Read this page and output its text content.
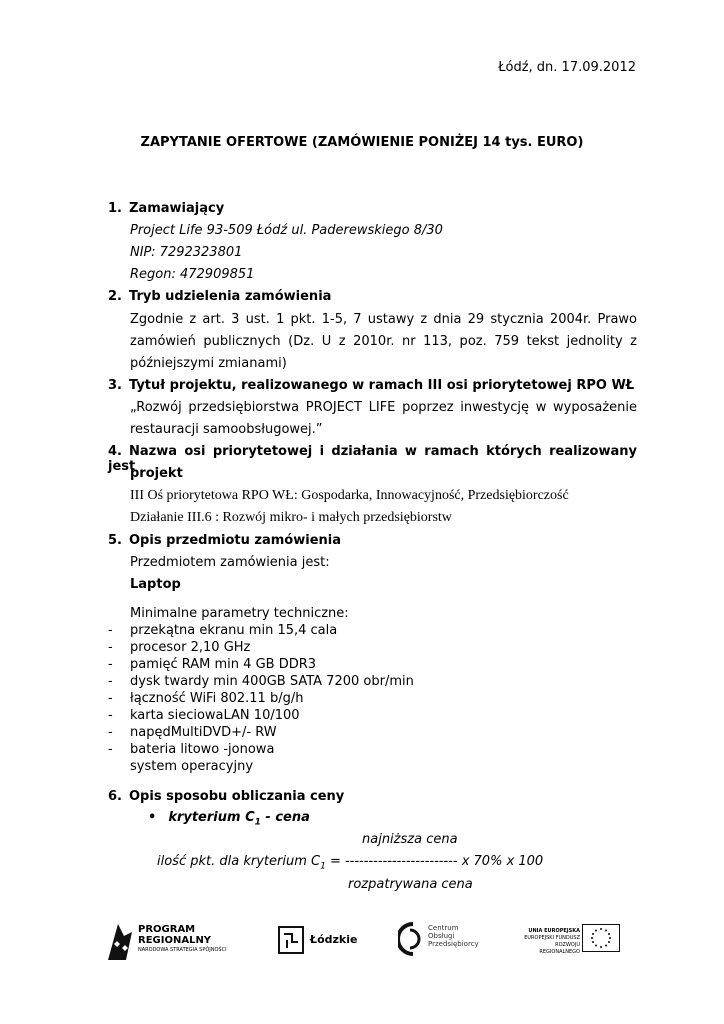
Łódź, dn. 17.09.2012
ZAPYTANIE OFERTOWE (ZAMÓWIENIE PONIŻEJ 14 tys. EURO)
1. Zamawiający
Project Life 93-509 Łódź ul. Paderewskiego 8/30
NIP: 7292323801
Regon: 472909851
2. Tryb udzielenia zamówienia
Zgodnie z art. 3 ust. 1 pkt. 1-5, 7 ustawy z dnia 29 stycznia 2004r. Prawo
zamówień publicznych (Dz. U z 2010r. nr 113, poz. 759 tekst jednolity z
późniejszymi zmianami)
3. Tytuł projektu, realizowanego w ramach III osi priorytetowej RPO WŁ
„Rozwój przedsiębiorstwa PROJECT LIFE poprzez inwestycję w wyposażenie
restauracji samoobsługowej.”
4. Nazwa osi priorytetowej i działania w ramach których realizowany jest
projekt
III Oś priorytetowa RPO WŁ: Gospodarka, Innowacyjność, Przedsiębiorczość
Działanie III.6 : Rozwój mikro- i małych przedsiębiorstw
5. Opis przedmiotu zamówienia
Przedmiotem zamówienia jest:
Laptop
Minimalne parametry techniczne:
- przekątna ekranu min 15,4 cala
- procesor 2,10 GHz
- pamięć RAM min 4 GB DDR3
- dysk twardy min 400GB SATA 7200 obr/min
- łączność WiFi 802.11 b/g/h
- karta sieciowaLAN 10/100
- napędMultiDVD+/- RW
- bateria litowo -jonowa
system operacyjny
6. Opis sposobu obliczania ceny
• kryterium $C_1$ - cena
najniższa cena
ilość pkt. dla kryterium $C_1$ = ------------------------ x 70% x 100
rozpatrywana cena
PROGRAM
REGIONALNY
NARODOWA STRATEGIA SPÓJNOŚCI
Łódzkie
Centrum
Obsługi
Przedsiębiorcy
UNIA EUROPEJSKA
EUROPEJSKI FUNDUSZ
ROZWOJU REGIONALNEGO
